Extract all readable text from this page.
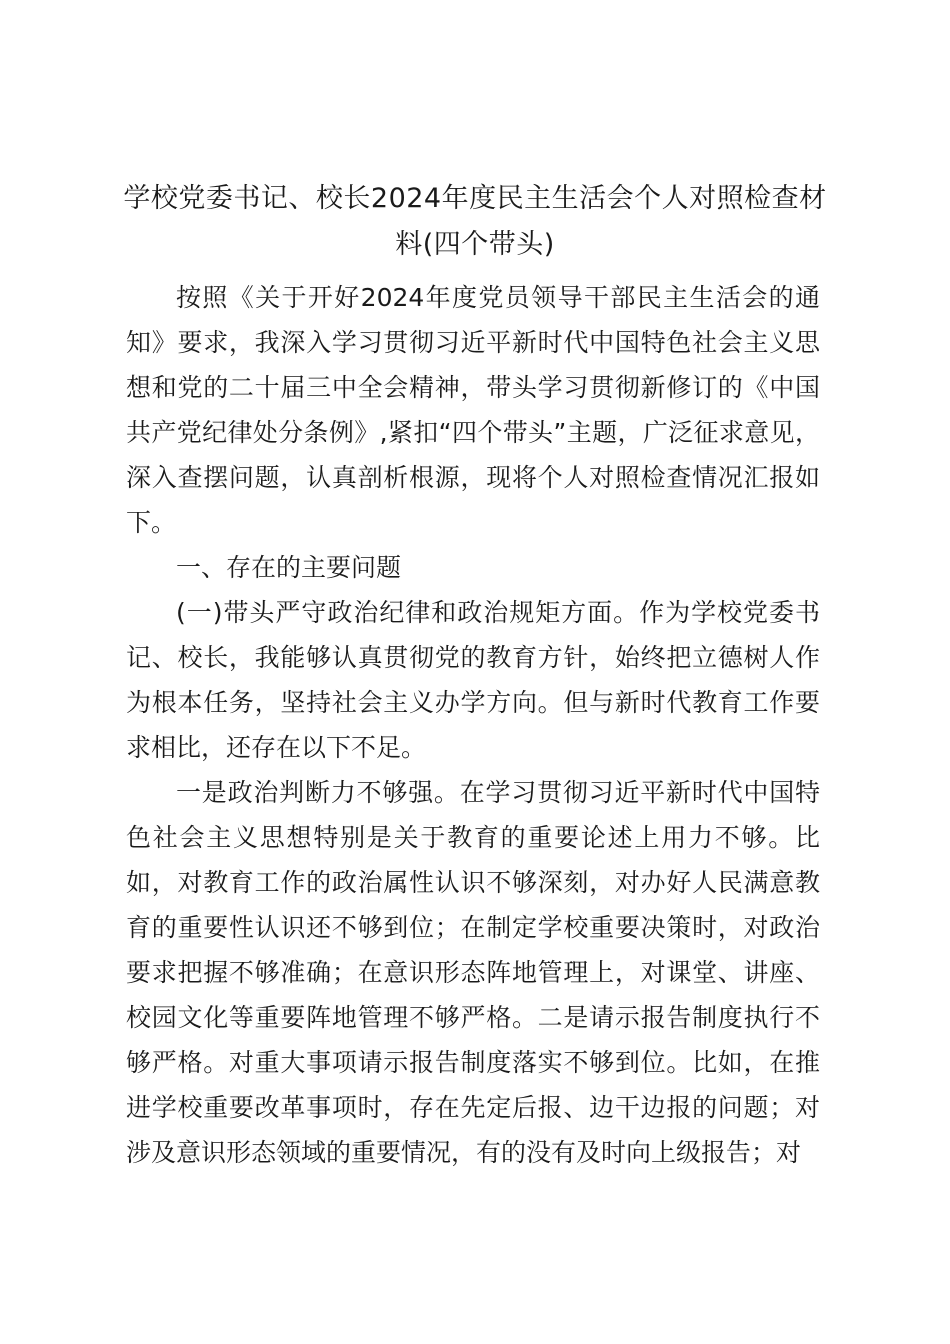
学校党委书记、校长2024年度民主生活会个人对照检查材料(四个带头)

按照《关于开好2024年度党员领导干部民主生活会的通知》要求，我深入学习贯彻习近平新时代中国特色社会主义思想和党的二十届三中全会精神，带头学习贯彻新修订的《中国共产党纪律处分条例》,紧扣“四个带头”主题，广泛征求意见，深入查摆问题，认真剖析根源，现将个人对照检查情况汇报如下。

一、存在的主要问题

(一)带头严守政治纪律和政治规矩方面。作为学校党委书记、校长，我能够认真贯彻党的教育方针，始终把立德树人作为根本任务，坚持社会主义办学方向。但与新时代教育工作要求相比，还存在以下不足。

一是政治判断力不够强。在学习贯彻习近平新时代中国特色社会主义思想特别是关于教育的重要论述上用力不够。比如，对教育工作的政治属性认识不够深刻，对办好人民满意教育的重要性认识还不够到位；在制定学校重要决策时，对政治要求把握不够准确；在意识形态阵地管理上，对课堂、讲座、校园文化等重要阵地管理不够严格。二是请示报告制度执行不够严格。对重大事项请示报告制度落实不够到位。比如，在推进学校重要改革事项时，存在先定后报、边干边报的问题；对涉及意识形态领域的重要情况，有的没有及时向上级报告；对
